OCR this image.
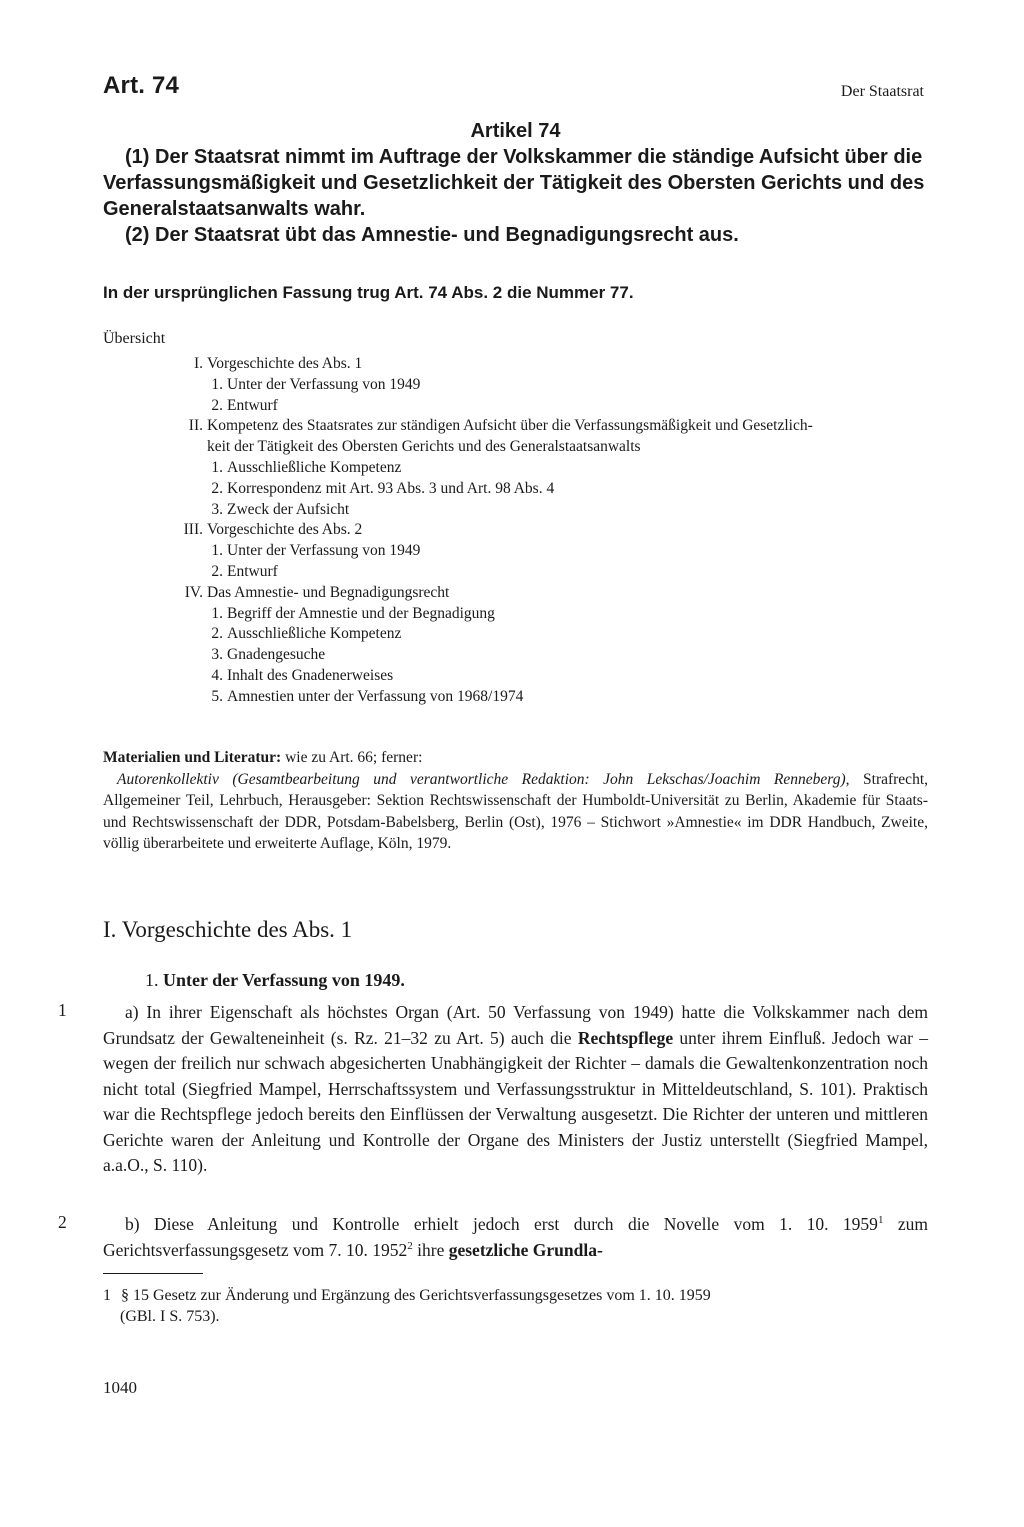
Art. 74	Der Staatsrat
Artikel 74

(1) Der Staatsrat nimmt im Auftrage der Volkskammer die ständige Aufsicht über die Verfassungsmäßigkeit und Gesetzlichkeit der Tätigkeit des Obersten Gerichts und des Generalstaatsanwalts wahr.

(2) Der Staatsrat übt das Amnestie- und Begnadigungsrecht aus.

In der ursprünglichen Fassung trug Art. 74 Abs. 2 die Nummer 77.
Übersicht
I. Vorgeschichte des Abs. 1
1. Unter der Verfassung von 1949
2. Entwurf
II. Kompetenz des Staatsrates zur ständigen Aufsicht über die Verfassungsmäßigkeit und Gesetzlich-
keit der Tätigkeit des Obersten Gerichts und des Generalstaatsanwalts
1. Ausschließliche Kompetenz
2. Korrespondenz mit Art. 93 Abs. 3 und Art. 98 Abs. 4
3. Zweck der Aufsicht
III. Vorgeschichte des Abs. 2
1. Unter der Verfassung von 1949
2. Entwurf
IV. Das Amnestie- und Begnadigungsrecht
1. Begriff der Amnestie und der Begnadigung
2. Ausschließliche Kompetenz
3. Gnadengesuche
4. Inhalt des Gnadenerweises
5. Amnestien unter der Verfassung von 1968/1974
Materialien und Literatur: wie zu Art. 66; ferner:
Autorenkollektiv (Gesamtbearbeitung und verantwortliche Redaktion: John Lekschas/Joachim Renneberg), Strafrecht, Allgemeiner Teil, Lehrbuch, Herausgeber: Sektion Rechtswissenschaft der Humboldt-Universität zu Berlin, Akademie für Staats- und Rechtswissenschaft der DDR, Potsdam-Babelsberg, Berlin (Ost), 1976 – Stichwort »Amnestie« im DDR Handbuch, Zweite, völlig überarbeitete und erweiterte Auflage, Köln, 1979.
I. Vorgeschichte des Abs. 1
1. Unter der Verfassung von 1949.
1	a) In ihrer Eigenschaft als höchstes Organ (Art. 50 Verfassung von 1949) hatte die Volkskammer nach dem Grundsatz der Gewalteneinheit (s. Rz. 21–32 zu Art. 5) auch die Rechtspflege unter ihrem Einfluß. Jedoch war – wegen der freilich nur schwach abgesicherten Unabhängigkeit der Richter – damals die Gewaltenkonzentration noch nicht total (Siegfried Mampel, Herrschaftssystem und Verfassungsstruktur in Mitteldeutschland, S. 101). Praktisch war die Rechtspflege jedoch bereits den Einflüssen der Verwaltung ausgesetzt. Die Richter der unteren und mittleren Gerichte waren der Anleitung und Kontrolle der Organe des Ministers der Justiz unterstellt (Siegfried Mampel, a.a.O., S. 110).

2	b) Diese Anleitung und Kontrolle erhielt jedoch erst durch die Novelle vom 1. 10. 1959$^1$ zum Gerichtsverfassungsgesetz vom 7. 10. 1952$^2$ ihre gesetzliche Grundla-

1 § 15 Gesetz zur Änderung und Ergänzung des Gerichtsverfassungsgesetzes vom 1. 10. 1959
(GBl. I S. 753).
1040
